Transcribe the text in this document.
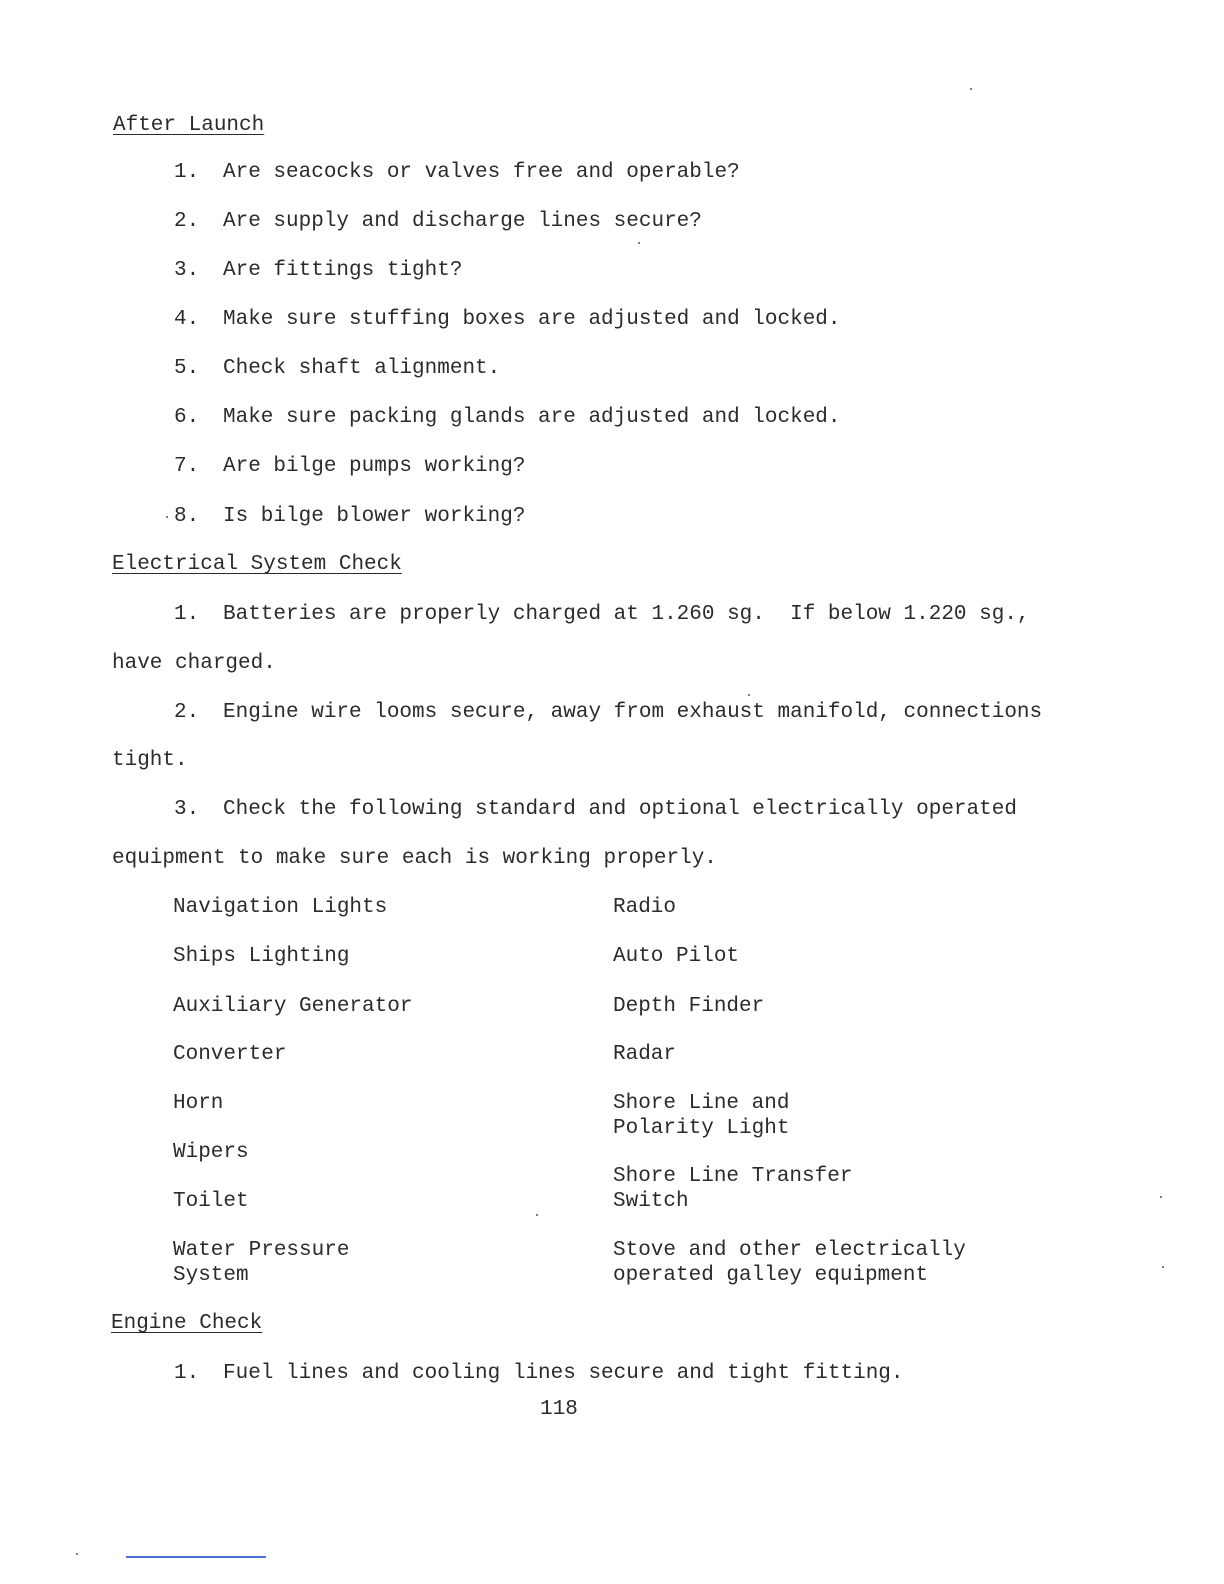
After Launch
1. Are seacocks or valves free and operable?
2. Are supply and discharge lines secure?
3. Are fittings tight?
4. Make sure stuffing boxes are adjusted and locked.
5. Check shaft alignment.
6. Make sure packing glands are adjusted and locked.
7. Are bilge pumps working?
8. Is bilge blower working?
Electrical System Check
1. Batteries are properly charged at 1.260 sg.  If below 1.220 sg.,
have charged.
2. Engine wire looms secure, away from exhaust manifold, connections
tight.
3. Check the following standard and optional electrically operated
equipment to make sure each is working properly.
Navigation Lights
Ships Lighting
Auxiliary Generator
Converter
Horn
Wipers
Toilet
Water Pressure
System
Radio
Auto Pilot
Depth Finder
Radar
Shore Line and
Polarity Light
Shore Line Transfer
Switch
Stove and other electrically
operated galley equipment
Engine Check
1. Fuel lines and cooling lines secure and tight fitting.
118
